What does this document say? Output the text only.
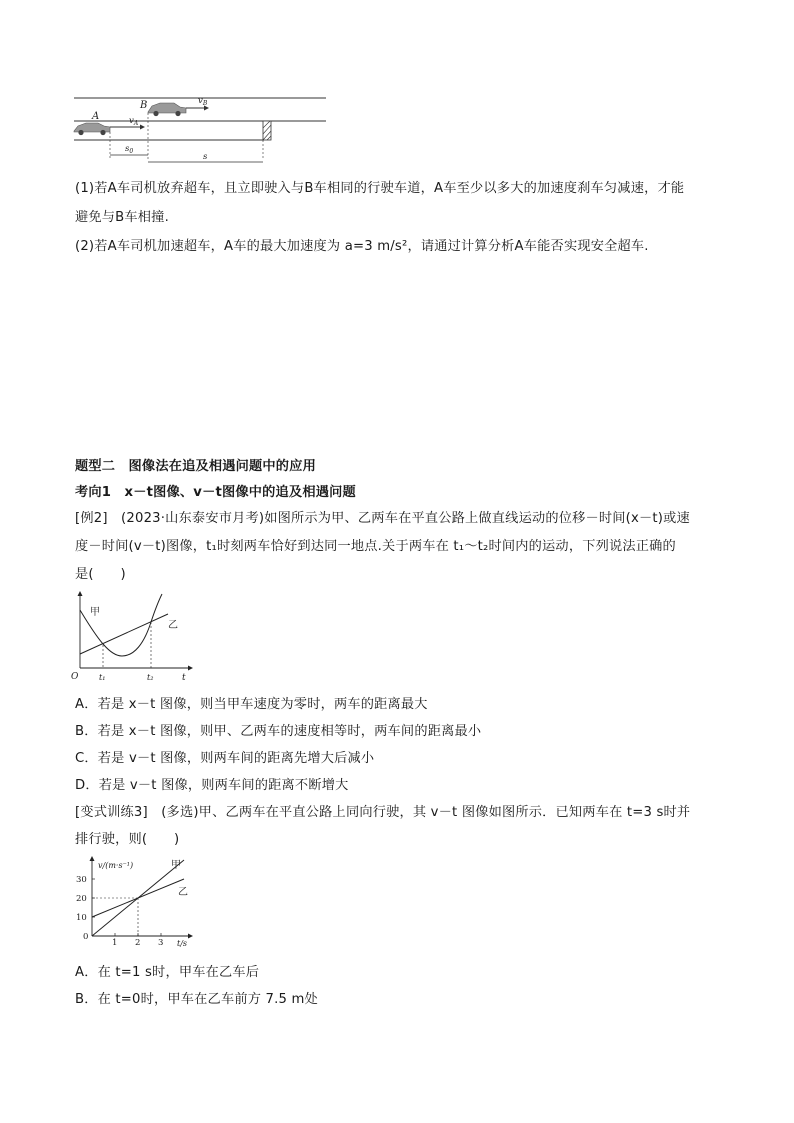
B
A
$v_B$
$v_A$
$s_0$
s
(1)若A车司机放弃超车，且立即驶入与B车相同的行驶车道，A车至少以多大的加速度刹车匀减速，才能
避免与B车相撞.
(2)若A车司机加速超车，A车的最大加速度为 a=3 m/s²，请通过计算分析A车能否实现安全超车.
题型二　图像法在追及相遇问题中的应用
考向1　x－t图像、v－t图像中的追及相遇问题
[例2]　(2023·山东泰安市月考)如图所示为甲、乙两车在平直公路上做直线运动的位移－时间(x－t)或速
度－时间(v－t)图像，t₁时刻两车恰好到达同一地点.关于两车在 t₁～t₂时间内的运动，下列说法正确的
是(　　)
甲
乙
O	t
t₁	t₂
A．若是 x－t 图像，则当甲车速度为零时，两车的距离最大
B．若是 x－t 图像，则甲、乙两车的速度相等时，两车间的距离最小
C．若是 v－t 图像，则两车间的距离先增大后减小
D．若是 v－t 图像，则两车间的距离不断增大
[变式训练3]　(多选)甲、乙两车在平直公路上同向行驶，其 v－t 图像如图所示．已知两车在 t=3 s时并
排行驶，则(　　)
v/(m·s⁻¹)
t/s
甲
乙
1 2 3
0
10
20
30
A．在 t=1 s时，甲车在乙车后
B．在 t=0时，甲车在乙车前方 7.5 m处
